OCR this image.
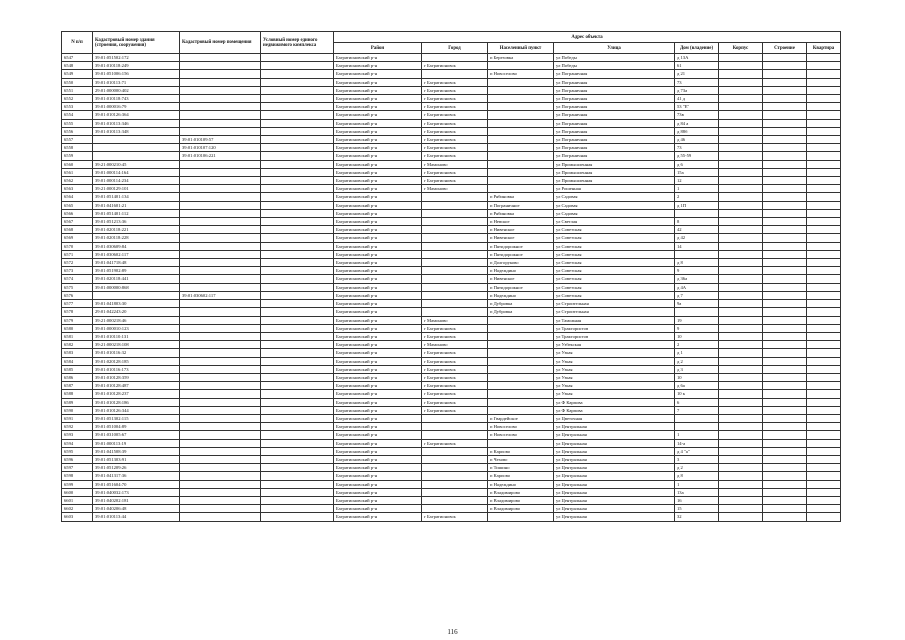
N п/п	Кадастровый номер здания (строения, сооружения)	Кадастровый номер помещения	Условный номер единого недвижимого комплекса	Адрес объекта							
				Район	Город	Населенный пункт	Улица	Дом (владение)	Корпус	Строение	Квартира
6547	39:01:051502:172			Багратионовский р-н		п Березовка	ул Победы	д 13А			
6548	39:01:010118:249			Багратионовский р-н	г Багратионовск		ул Победы	61			
6549	39:01:051006:156			Багратионовский р-н		п Новоселово	ул Пограничная	д 21			
6550	39:01:010113:71			Багратионовский р-н	г Багратионовск		ул Пограничная	73			
6551	29:01:000000:402			Багратионовский р-н	г Багратионовск		ул Пограничная	д 73а			
6552	39:01:010118:743			Багратионовский р-н	г Багратионовск		ул Пограничная	41 д			
6553	39:01:000016:79			Багратионовский р-н	г Багратионовск		ул Пограничная	53 "Е"			
6554	39:01:010126:364			Багратионовский р-н	г Багратионовск		ул Пограничная	73в			
6555	39:01:010113:346			Багратионовский р-н	г Багратионовск		ул Пограничная	д 84 а			
6556	39:01:010113:348			Багратионовский р-н	г Багратионовск		ул Пограничная	д 88б			
6557		39:01:010109:57		Багратионовский р-н	г Багратионовск		ул Пограничная	д 46			
6558		39:01:010107:120		Багратионовский р-н	г Багратионовск		ул Пограничная	73			
6559		39:01:010106:221		Багратионовский р-н	г Багратионовск		ул Пограничная	д 55-59			
6560	39:21:000210:45			Багратионовский р-н	г Мамоново		ул Промышленная	д 6			
6561	39:01:000114:164			Багратионовский р-н	г Багратионовск		ул Промышленная	15а			
6562	39:01:000114:234			Багратионовский р-н	г Багратионовск		ул Промышленная	12			
6563	39:21:000129:101			Багратионовский р-н	г Мамоново		ул Рошенная	1			
6564	39:01:051401:134			Багратионовский р-н		п Рябиновка	ул Садовая	2			
6565	39:01:041601:21			Багратионовский р-н		п Пограничное	ул Садовая	д 1П			
6566	39:01:051401:112			Багратионовский р-н		п Рябиновка	ул Садовая				
6567	39:01:051213:36			Багратионовский р-н		п Невское	ул Светлая	8			
6568	39:01:020118:221			Багратионовский р-н		п Нивенское	ул Советская	42			
6569	39:01:020118:228			Багратионовский р-н		п Нивенское	ул Советская	д 42			
6570	39:01:030609:84			Багратионовский р-н		п Пятидорожное	ул Советская	14			
6571	39:01:030602:117			Багратионовский р-н		п Пятидорожное	ул Советская				
6572	39:01:041718:48			Багратионовский р-н		п Долгоруково	ул Советская	д 8			
6573	39:01:051902:89			Багратионовский р-н		п Надеждино	ул Советская	9			
6574	39:01:020118:441			Багратионовский р-н		п Нивенское	ул Советская	д 36а			
6575	39:01:000000:868			Багратионовский р-н		п Пятидорожное	ул Советская	д 4А			
6576		39:01:030602:117		Багратионовский р-н		п Надеждино	ул Советская	д 7			
6577	39:01:041803:30			Багратионовский р-н		п Дубровка	ул Строительная	9а			
6578	29:01:042243:20			Багратионовский р-н		п Дубровка	ул Строительная				
6579	39:21:000218:46			Багратионовский р-н	г Мамоново		ул Таможная	19			
6580	39:01:000010:123			Багратионовский р-н	г Багратионовск		ул Трактористов	9			
6581	39:01:010110:131			Багратионовский р-н	г Багратионовск		ул Трактористов	10			
6582	39:21:000218:108			Багратионовский р-н	г Мамоново		ул Узбекская	2			
6583	39:01:010116:32			Багратионовский р-н	г Багратионовск		ул Узкая	д 1			
6584	39:01:020128:185			Багратионовский р-н	г Багратионовск		ул Узкая	д 2			
6585	39:01:010116:173			Багратионовский р-н	г Багратионовск		ул Узкая	д 3			
6586	39:01:010128:359			Багратионовский р-н	г Багратионовск		ул Узкая	10			
6587	39:01:010128:487			Багратионовский р-н	г Багратионовск		ул Узкая	д 6а			
6588	39:01:010128:237			Багратионовский р-н	г Багратионовск		ул Узкая	10 к			
6589	39:01:010128:186			Багратионовский р-н	г Багратионовск		ул Ф Карпова	6			
6590	39:01:010126:344			Багратионовский р-н	г Багратионовск		ул Ф Карпова	7			
6591	39:01:051302:115			Багратионовский р-н		п Гвардейское	ул Цветочная				
6592	39:01:051004:89			Багратионовский р-н		п Новоселово	ул Центральная				
6593	39:01:031005:67			Багратионовский р-н		п Новоселово	ул Центральная	1			
6594	39:01:000113:19			Багратионовский р-н	г Багратионовск		ул Центральная	14-а			
6595	39:01:041508:39			Багратионовский р-н		п Карпово	ул Центральная	д 4 "а"			
6596	39:01:051303:91			Багратионовский р-н		п Чехово	ул Центральная	3			
6597	39:01:051209:26			Багратионовский р-н		п Тишино	ул Центральная	д 2			
6598	39:01:041317:36			Багратионовский р-н		п Карпово	ул Центральная	д 8			
6599	39:01:051604:70			Багратионовский р-н		п Надеждино	ул Центральная	1			
6600	39:01:040032:173			Багратионовский р-н		п Владимирово	ул Центральная	13а			
6601	39:01:040202:181			Багратионовский р-н		п Владимирово	ул Центральная	16			
6602	39:01:040206:48			Багратионовский р-н		п Владимирово	ул Центральная	15			
6603	39:01:010113:44			Багратионовский р-н	г Багратионовск		ул Центральная	32			
116
